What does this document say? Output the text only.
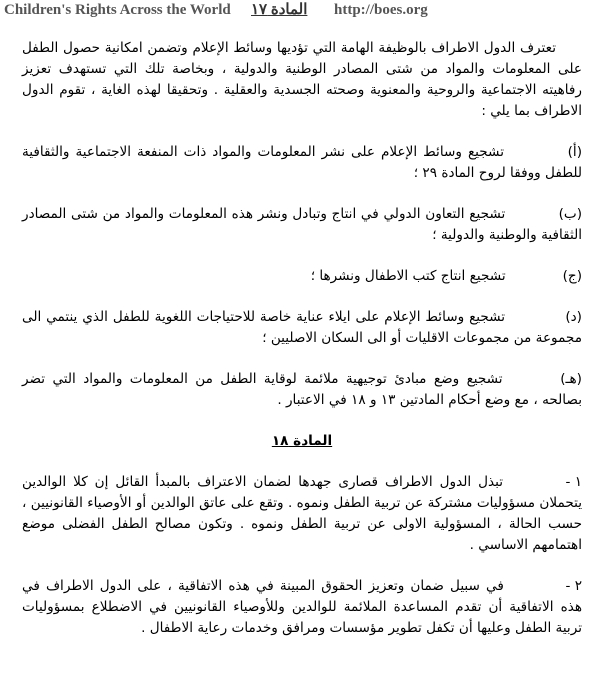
Children's Rights Across the World المادة ١٧ http://boes.org

تعترف الدول الاطراف بالوظيفة الهامة التي تؤديها وسائط الإعلام وتضمن امكانية حصول الطفل على المعلومات والمواد من شتى المصادر الوطنية والدولية ، وبخاصة تلك التي تستهدف تعزيز رفاهيته الاجتماعية والروحية والمعنوية وصحته الجسدية والعقلية . وتحقيقا لهذه الغاية ، تقوم الدول الاطراف بما يلي :

(أ) تشجيع وسائط الإعلام على نشر المعلومات والمواد ذات المنفعة الاجتماعية والثقافية للطفل ووفقا لروح المادة ٢٩ ؛
(ب) تشجيع التعاون الدولي في انتاج وتبادل ونشر هذه المعلومات والمواد من شتى المصادر الثقافية والوطنية والدولية ؛
(ج) تشجيع انتاج كتب الاطفال ونشرها ؛
(د) تشجيع وسائط الإعلام على ايلاء عناية خاصة للاحتياجات اللغوية للطفل الذي ينتمي الى مجموعة من مجموعات الاقليات أو الى السكان الاصليين ؛
(هـ) تشجيع وضع مبادئ توجيهية ملائمة لوقاية الطفل من المعلومات والمواد التي تضر بصالحه ، مع وضع أحكام المادتين ١٣ و ١٨ في الاعتبار .
المادة ١٨
١ - تبذل الدول الاطراف قصارى جهدها لضمان الاعتراف بالمبدأ القائل إن كلا الوالدين يتحملان مسؤوليات مشتركة عن تربية الطفل ونموه . وتقع على عاتق الوالدين أو الأوصياء القانونيين ، حسب الحالة ، المسؤولية الاولى عن تربية الطفل ونموه . وتكون مصالح الطفل الفضلى موضع اهتمامهم الاساسي .
٢ - في سبيل ضمان وتعزيز الحقوق المبينة في هذه الاتفاقية ، على الدول الاطراف في هذه الاتفاقية أن تقدم المساعدة الملائمة للوالدين وللأوصياء القانونيين في الاضطلاع بمسؤوليات تربية الطفل وعليها أن تكفل تطوير مؤسسات ومرافق وخدمات رعاية الاطفال .
